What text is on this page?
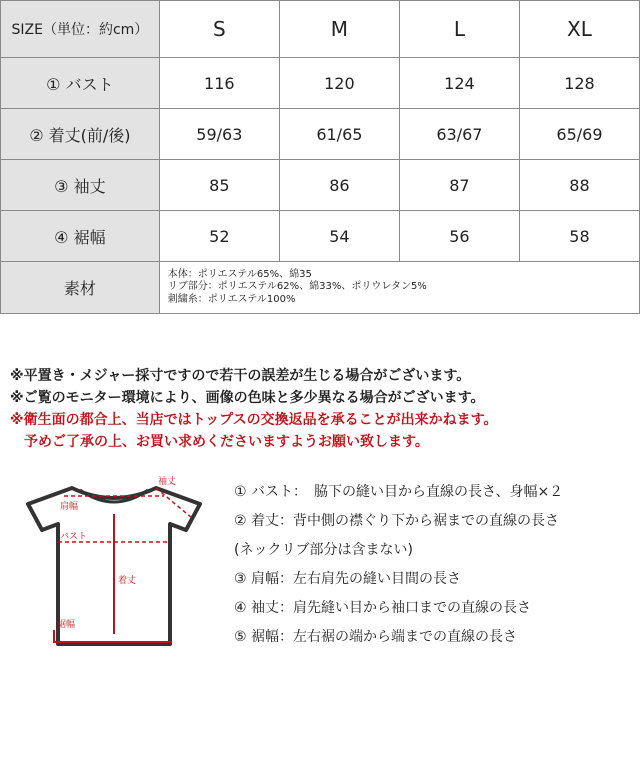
SIZE（単位：約cm）	S	M	L	XL
① バスト	116	120	124	128
② 着丈(前/後)	59/63	61/65	63/67	65/69
③ 袖丈	85	86	87	88
④ 裾幅	52	54	56	58
素材	本体：ポリエステル65%、綿35
リブ部分：ポリエステル62%、綿33%、ポリウレタン5%
刺繍糸：ポリエステル100%			
※平置き・メジャー採寸ですので若干の誤差が生じる場合がございます。
※ご覧のモニター環境により、画像の色味と多少異なる場合がございます。
※衛生面の都合上、当店ではトップスの交換返品を承ることが出来かねます。
予めご了承の上、お買い求めくださいますようお願い致します。
袖丈
肩幅
バスト
着丈
裾幅
① バスト：　脇下の縫い目から直線の長さ、身幅×２
② 着丈：背中側の襟ぐり下から裾までの直線の長さ
(ネックリブ部分は含まない)
③ 肩幅：左右肩先の縫い目間の長さ
④ 袖丈：肩先縫い目から袖口までの直線の長さ
⑤ 裾幅：左右裾の端から端までの直線の長さ
